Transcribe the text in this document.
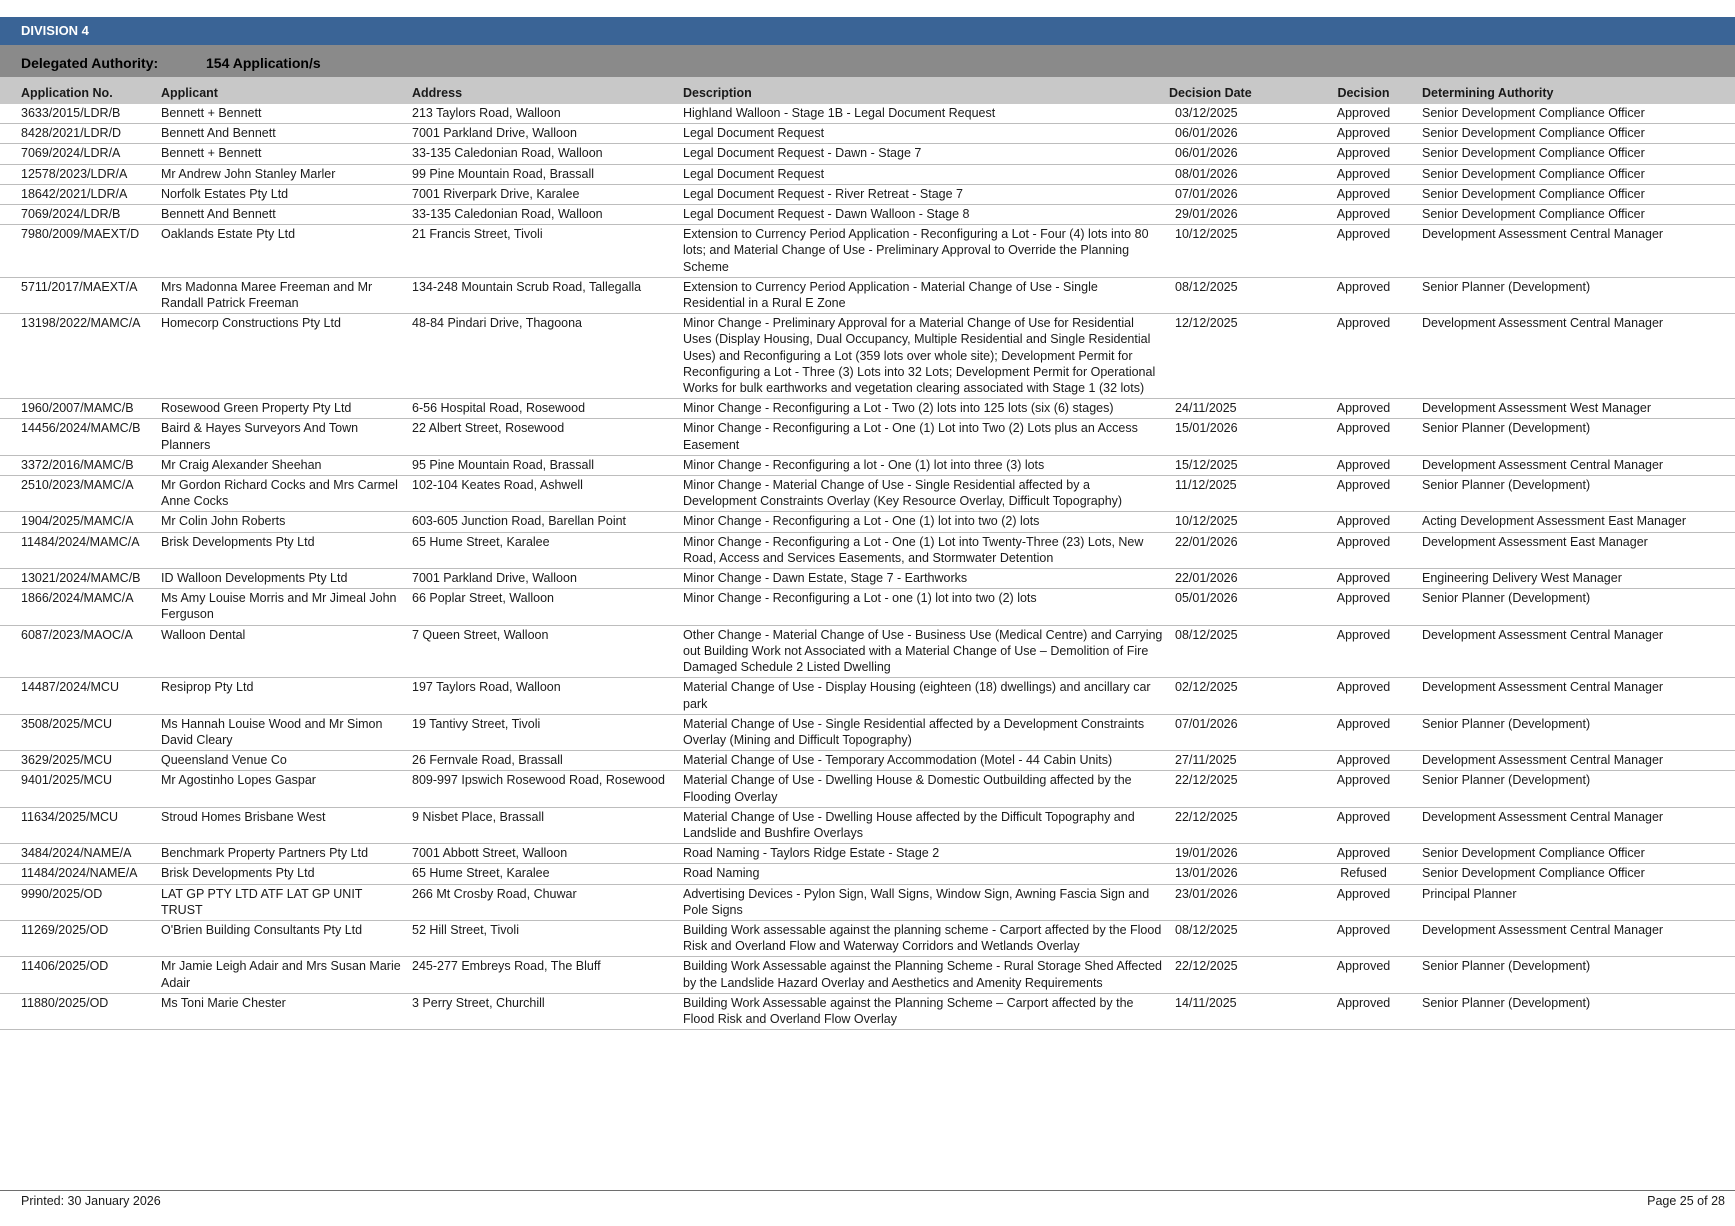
DIVISION 4
Delegated Authority:	154 Application/s
Application No.	Applicant	Address	Description	Decision Date	Decision	Determining Authority
3633/2015/LDR/B	Bennett + Bennett	213 Taylors Road, Walloon	Highland Walloon - Stage 1B - Legal Document Request	03/12/2025	Approved	Senior Development Compliance Officer
8428/2021/LDR/D	Bennett And Bennett	7001 Parkland Drive, Walloon	Legal Document Request	06/01/2026	Approved	Senior Development Compliance Officer
7069/2024/LDR/A	Bennett + Bennett	33-135 Caledonian Road, Walloon	Legal Document Request - Dawn - Stage 7	06/01/2026	Approved	Senior Development Compliance Officer
12578/2023/LDR/A	Mr Andrew John Stanley Marler	99 Pine Mountain Road, Brassall	Legal Document Request	08/01/2026	Approved	Senior Development Compliance Officer
18642/2021/LDR/A	Norfolk Estates Pty Ltd	7001 Riverpark Drive, Karalee	Legal Document Request - River Retreat - Stage 7	07/01/2026	Approved	Senior Development Compliance Officer
7069/2024/LDR/B	Bennett And Bennett	33-135 Caledonian Road, Walloon	Legal Document Request - Dawn Walloon - Stage 8	29/01/2026	Approved	Senior Development Compliance Officer
7980/2009/MAEXT/D	Oaklands Estate Pty Ltd	21 Francis Street, Tivoli	Extension to Currency Period Application - Reconfiguring a Lot - Four (4) lots into 80 lots; and Material Change of Use - Preliminary Approval to Override the Planning Scheme	10/12/2025	Approved	Development Assessment Central Manager
5711/2017/MAEXT/A	Mrs Madonna Maree Freeman and Mr Randall Patrick Freeman	134-248 Mountain Scrub Road, Tallegalla	Extension to Currency Period Application - Material Change of Use - Single Residential in a Rural E Zone	08/12/2025	Approved	Senior Planner (Development)
13198/2022/MAMC/A	Homecorp Constructions Pty Ltd	48-84 Pindari Drive, Thagoona	Minor Change - Preliminary Approval for a Material Change of Use for Residential Uses (Display Housing, Dual Occupancy, Multiple Residential and Single Residential Uses) and Reconfiguring a Lot (359 lots over whole site); Development Permit for Reconfiguring a Lot - Three (3) Lots into 32 Lots; Development Permit for Operational Works for bulk earthworks and vegetation clearing associated with Stage 1 (32 lots)	12/12/2025	Approved	Development Assessment Central Manager
1960/2007/MAMC/B	Rosewood Green Property Pty Ltd	6-56 Hospital Road, Rosewood	Minor Change - Reconfiguring a Lot - Two (2) lots into 125 lots (six (6) stages)	24/11/2025	Approved	Development Assessment West Manager
14456/2024/MAMC/B	Baird & Hayes Surveyors And Town Planners	22 Albert Street, Rosewood	Minor Change - Reconfiguring a Lot - One (1) Lot into Two (2) Lots plus an Access Easement	15/01/2026	Approved	Senior Planner (Development)
3372/2016/MAMC/B	Mr Craig Alexander Sheehan	95 Pine Mountain Road, Brassall	Minor Change - Reconfiguring a lot - One (1) lot into three (3) lots	15/12/2025	Approved	Development Assessment Central Manager
2510/2023/MAMC/A	Mr Gordon Richard Cocks and Mrs Carmel Anne Cocks	102-104 Keates Road, Ashwell	Minor Change - Material Change of Use - Single Residential affected by a Development Constraints Overlay (Key Resource Overlay, Difficult Topography)	11/12/2025	Approved	Senior Planner (Development)
1904/2025/MAMC/A	Mr Colin John Roberts	603-605 Junction Road, Barellan Point	Minor Change - Reconfiguring a Lot - One (1) lot into two (2) lots	10/12/2025	Approved	Acting Development Assessment East Manager
11484/2024/MAMC/A	Brisk Developments Pty Ltd	65 Hume Street, Karalee	Minor Change - Reconfiguring a Lot - One (1) Lot into Twenty-Three (23) Lots, New Road, Access and Services Easements, and Stormwater Detention	22/01/2026	Approved	Development Assessment East Manager
13021/2024/MAMC/B	ID Walloon Developments Pty Ltd	7001 Parkland Drive, Walloon	Minor Change - Dawn Estate, Stage 7 - Earthworks	22/01/2026	Approved	Engineering Delivery West Manager
1866/2024/MAMC/A	Ms Amy Louise Morris and Mr Jimeal John Ferguson	66 Poplar Street, Walloon	Minor Change - Reconfiguring a Lot - one (1) lot into two (2) lots	05/01/2026	Approved	Senior Planner (Development)
6087/2023/MAOC/A	Walloon Dental	7 Queen Street, Walloon	Other Change - Material Change of Use - Business Use (Medical Centre) and Carrying out Building Work not Associated with a Material Change of Use – Demolition of Fire Damaged Schedule 2 Listed Dwelling	08/12/2025	Approved	Development Assessment Central Manager
14487/2024/MCU	Resiprop Pty Ltd	197 Taylors Road, Walloon	Material Change of Use - Display Housing (eighteen (18) dwellings) and ancillary car park	02/12/2025	Approved	Development Assessment Central Manager
3508/2025/MCU	Ms Hannah Louise Wood and Mr Simon David Cleary	19 Tantivy Street, Tivoli	Material Change of Use - Single Residential affected by a Development Constraints Overlay (Mining and Difficult Topography)	07/01/2026	Approved	Senior Planner (Development)
3629/2025/MCU	Queensland Venue Co	26 Fernvale Road, Brassall	Material Change of Use - Temporary Accommodation (Motel - 44 Cabin Units)	27/11/2025	Approved	Development Assessment Central Manager
9401/2025/MCU	Mr Agostinho Lopes Gaspar	809-997 Ipswich Rosewood Road, Rosewood	Material Change of Use - Dwelling House & Domestic Outbuilding affected by the Flooding Overlay	22/12/2025	Approved	Senior Planner (Development)
11634/2025/MCU	Stroud Homes Brisbane West	9 Nisbet Place, Brassall	Material Change of Use - Dwelling House affected by the Difficult Topography and Landslide and Bushfire Overlays	22/12/2025	Approved	Development Assessment Central Manager
3484/2024/NAME/A	Benchmark Property Partners Pty Ltd	7001 Abbott Street, Walloon	Road Naming - Taylors Ridge Estate - Stage 2	19/01/2026	Approved	Senior Development Compliance Officer
11484/2024/NAME/A	Brisk Developments Pty Ltd	65 Hume Street, Karalee	Road Naming	13/01/2026	Refused	Senior Development Compliance Officer
9990/2025/OD	LAT GP PTY LTD ATF LAT GP UNIT TRUST	266 Mt Crosby Road, Chuwar	Advertising Devices - Pylon Sign, Wall Signs, Window Sign, Awning Fascia Sign and Pole Signs	23/01/2026	Approved	Principal Planner
11269/2025/OD	O'Brien Building Consultants Pty Ltd	52 Hill Street, Tivoli	Building Work assessable against the planning scheme - Carport affected by the Flood Risk and Overland Flow and Waterway Corridors and Wetlands Overlay	08/12/2025	Approved	Development Assessment Central Manager
11406/2025/OD	Mr Jamie Leigh Adair and Mrs Susan Marie Adair	245-277 Embreys Road, The Bluff	Building Work Assessable against the Planning Scheme - Rural Storage Shed Affected by the Landslide Hazard Overlay and Aesthetics and Amenity Requirements	22/12/2025	Approved	Senior Planner (Development)
11880/2025/OD	Ms Toni Marie Chester	3 Perry Street, Churchill	Building Work Assessable against the Planning Scheme – Carport affected by the Flood Risk and Overland Flow Overlay	14/11/2025	Approved	Senior Planner (Development)
Printed: 30 January 2026	Page 25 of 28
